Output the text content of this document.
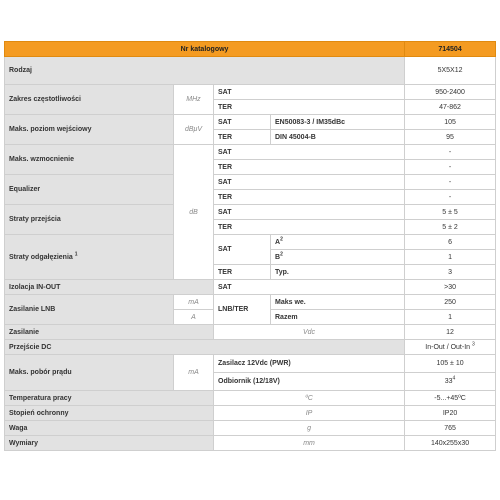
Nr katalogowy				714504
Rodzaj				5X5X12
Zakres częstotliwości	MHz	SAT		950-2400
		TER		47-862
Maks. poziom wejściowy	dBμV	SAT	EN50083-3 / IM35dBc	105
		TER	DIN 45004-B	95
Maks. wzmocnienie	dB	SAT		-
		TER		-
Equalizer		SAT		-
		TER		-
Straty przejścia		SAT		5 ± 5
		TER		5 ± 2
Straty odgałęzienia $^1$		SAT	$A^2$	6
			$B^2$	1
		TER	Typ.	3
Izolacja IN-OUT		SAT		>30
Zasilanie LNB	mA	LNB/TER	Maks we.	250
	A		Razem	1
Zasilanie		Vdc		12
Przejście DC				In-Out / Out-In $^3$
Maks. pobór prądu	mA	Zasilacz 12Vdc (PWR)		105 ± 10
		Odbiornik (12/18V)		$33^4$
Temperatura pracy		ºC		-5...+45ºC
Stopień ochronny		IP		IP20
Waga		g		765
Wymiary		mm		140x255x30
